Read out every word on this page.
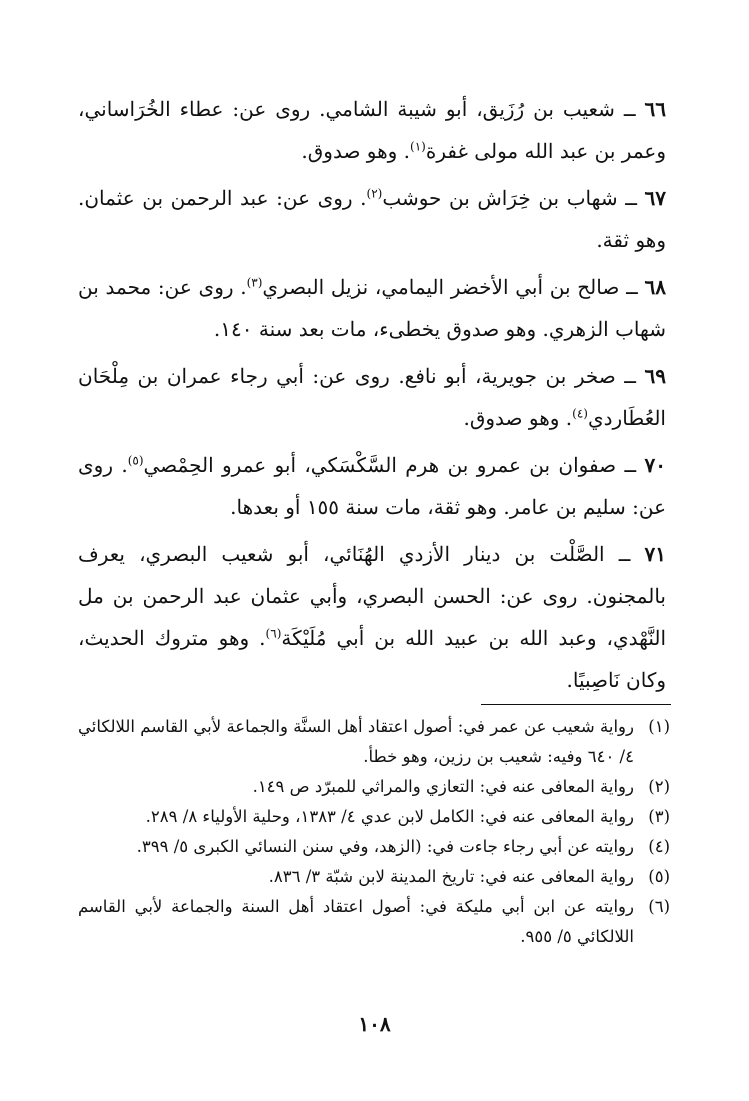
٦٦ ــ شعيب بن رُزَيق، أبو شيبة الشامي. روى عن: عطاء الخُرَاساني، وعمر بن عبد الله مولى غفرة$^{(١)}$. وهو صدوق.

٦٧ ــ شهاب بن خِرَاش بن حوشب$^{(٢)}$. روى عن: عبد الرحمن بن عثمان. وهو ثقة.

٦٨ ــ صالح بن أبي الأخضر اليمامي، نزيل البصري$^{(٣)}$. روى عن: محمد بن شهاب الزهري. وهو صدوق يخطىء، مات بعد سنة ١٤٠.

٦٩ ــ صخر بن جويرية، أبو نافع. روى عن: أبي رجاء عمران بن مِلْحَان العُطَاردي$^{(٤)}$. وهو صدوق.

٧٠ ــ صفوان بن عمرو بن هرم السَّكْسَكي، أبو عمرو الحِمْصي$^{(٥)}$. روى عن: سليم بن عامر. وهو ثقة، مات سنة ١٥٥ أو بعدها.

٧١ ــ الصَّلْت بن دينار الأزدي الهُنَائي، أبو شعيب البصري، يعرف بالمجنون. روى عن: الحسن البصري، وأبي عثمان عبد الرحمن بن مل النَّهْدي، وعبد الله بن عبيد الله بن أبي مُلَيْكَة$^{(٦)}$. وهو متروك الحديث، وكان نَاصِبيًا.

(١)
رواية شعيب عن عمر في: أصول اعتقاد أهل السنَّة والجماعة لأبي القاسم اللالكائي ٤/ ٦٤٠ وفيه: شعيب بن رزين، وهو خطأ.

(٢)
رواية المعافى عنه في: التعازي والمراثي للمبرّد ص ١٤٩.

(٣)
رواية المعافى عنه في: الكامل لابن عدي ٤/ ١٣٨٣، وحلية الأولياء ٨/ ٢٨٩.

(٤)
روايته عن أبي رجاء جاءت في: (الزهد، وفي سنن النسائي الكبرى ٥/ ٣٩٩.

(٥)
رواية المعافى عنه في: تاريخ المدينة لابن شبّة ٣/ ٨٣٦.

(٦)
روايته عن ابن أبي مليكة في: أصول اعتقاد أهل السنة والجماعة لأبي القاسم اللالكائي ٥/ ٩٥٥.

١٠٨
